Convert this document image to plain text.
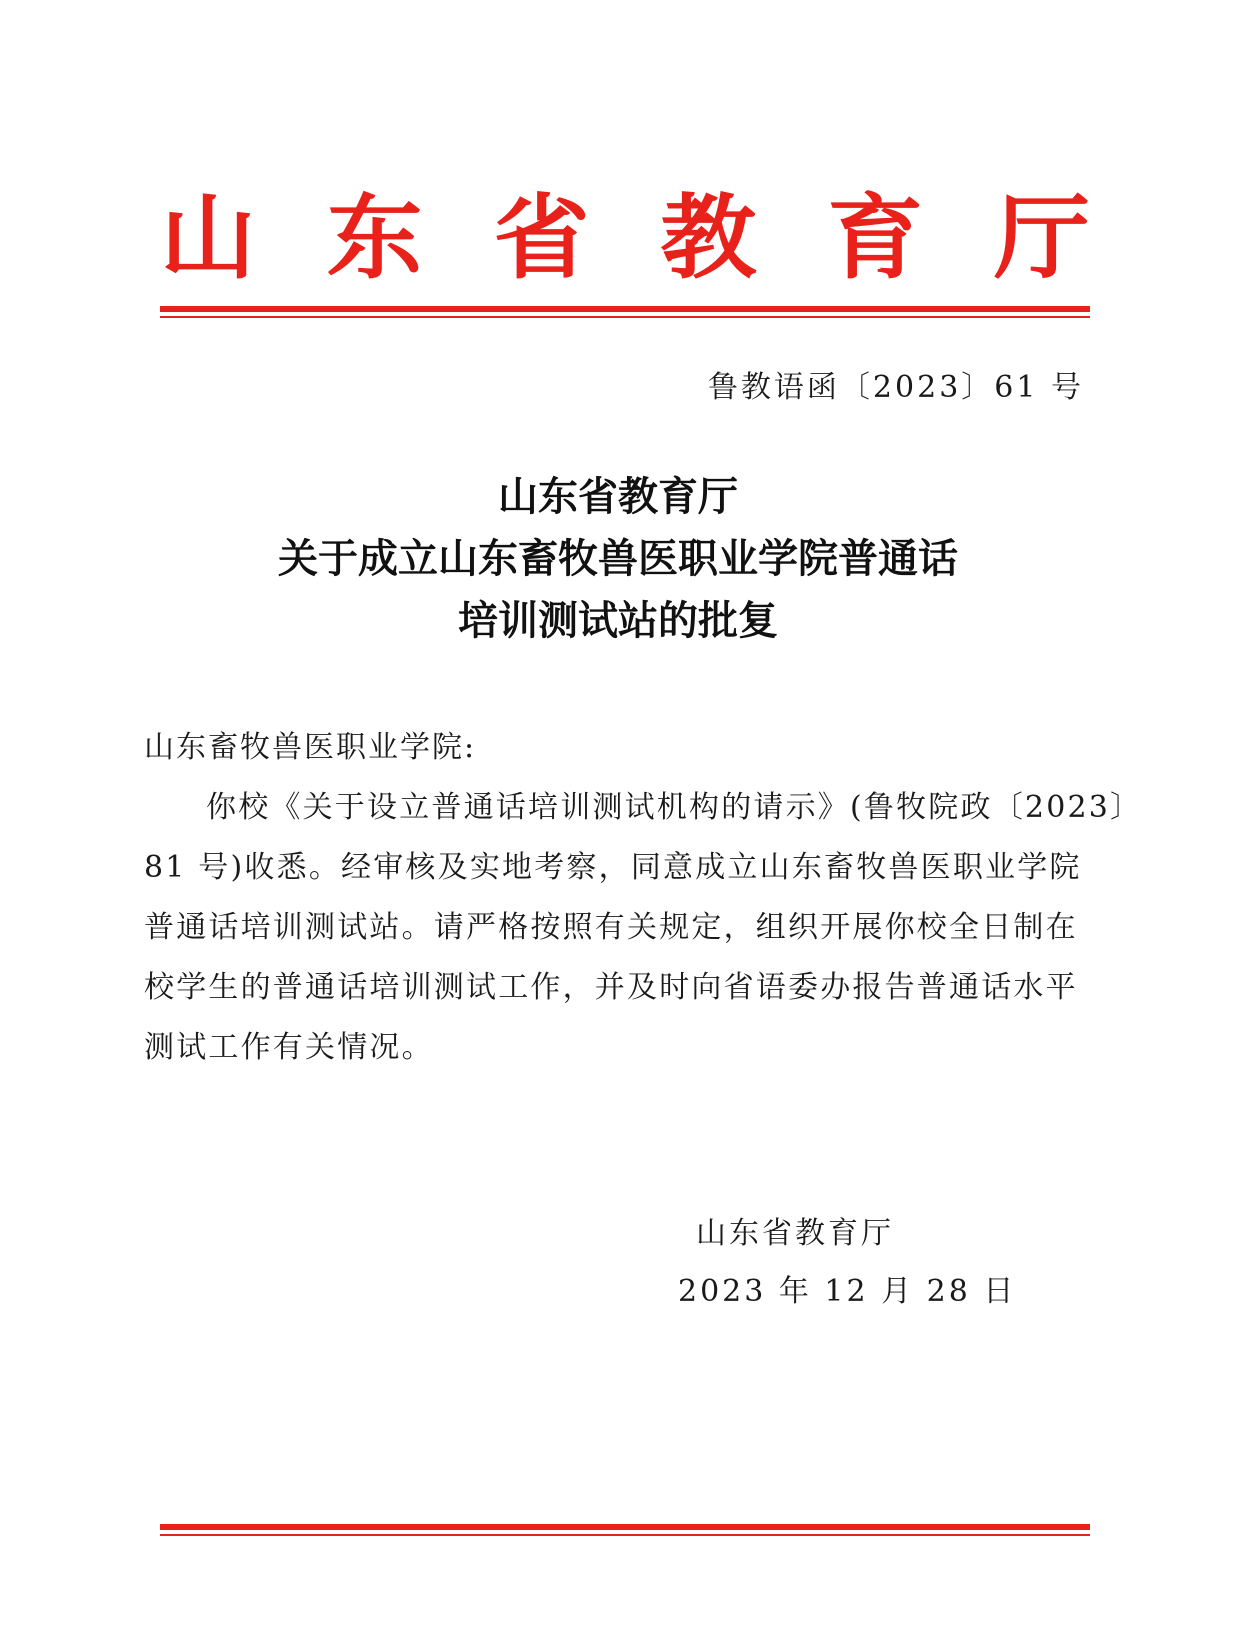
山 东 省 教 育 厅
鲁教语函〔2023〕61 号
山东省教育厅
关于成立山东畜牧兽医职业学院普通话
培训测试站的批复
山东畜牧兽医职业学院:
你校《关于设立普通话培训测试机构的请示》(鲁牧院政〔2023〕
81 号)收悉。经审核及实地考察，同意成立山东畜牧兽医职业学院
普通话培训测试站。请严格按照有关规定，组织开展你校全日制在
校学生的普通话培训测试工作，并及时向省语委办报告普通话水平
测试工作有关情况。
山东省教育厅
2023 年 12 月 28 日
